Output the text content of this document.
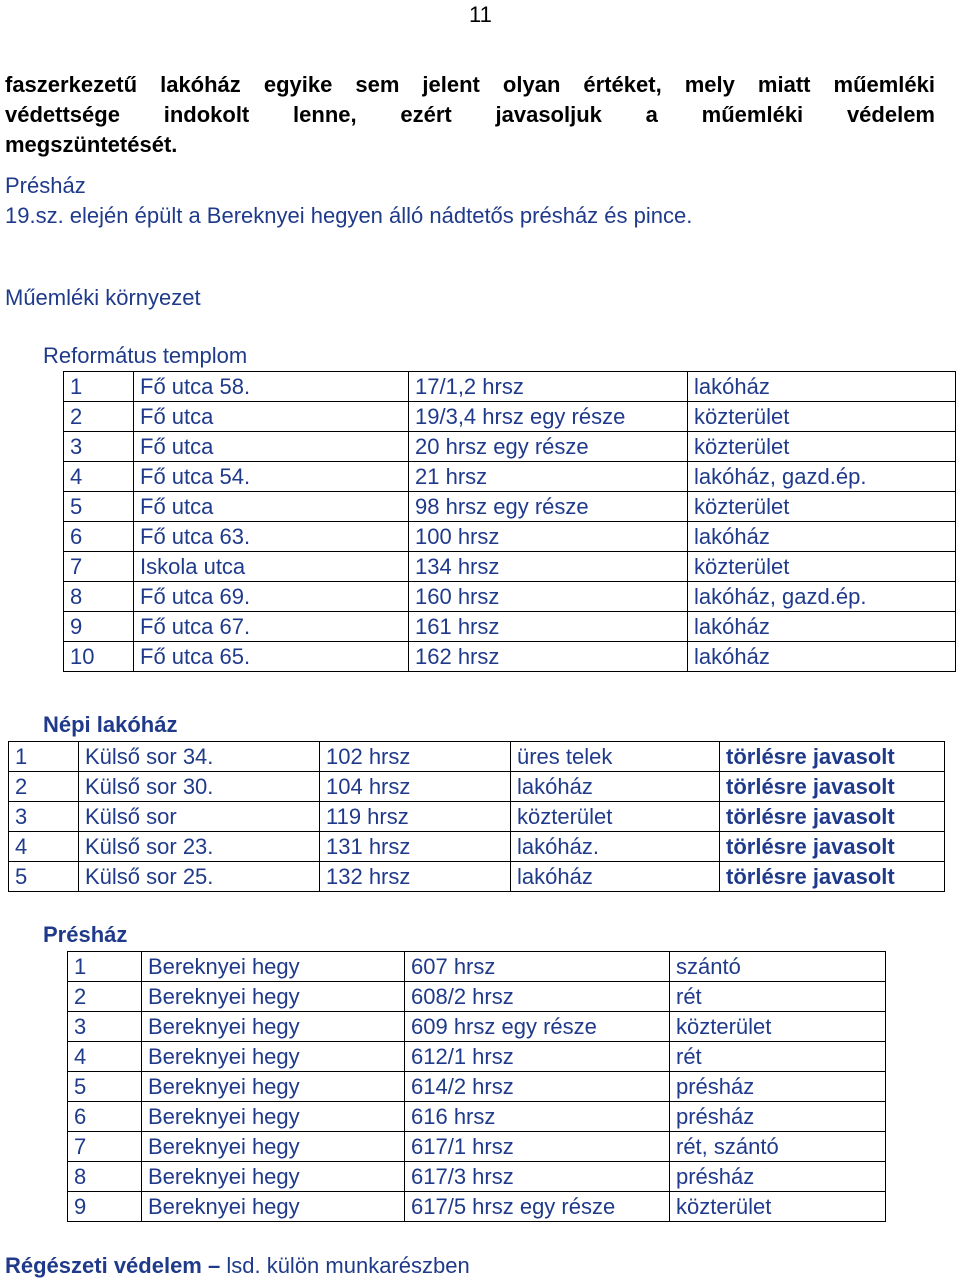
11
faszerkezetű lakóház egyike sem jelent olyan értéket, mely miatt műemléki
védettsége indokolt lenne, ezért javasoljuk a műemléki védelem
megszüntetését.
Présház
19.sz. elején épült a Bereknyei hegyen álló nádtetős présház és pince.
Műemléki környezet
Református templom
1	Fő utca 58.	17/1,2 hrsz	lakóház
2	Fő utca	19/3,4 hrsz egy része	közterület
3	Fő utca	20 hrsz egy része	közterület
4	Fő utca 54.	21 hrsz	lakóház, gazd.ép.
5	Fő utca	98 hrsz egy része	közterület
6	Fő utca 63.	100 hrsz	lakóház
7	Iskola utca	134 hrsz	közterület
8	Fő utca 69.	160 hrsz	lakóház, gazd.ép.
9	Fő utca 67.	161 hrsz	lakóház
10	Fő utca 65.	162 hrsz	lakóház
Népi lakóház
1	Külső sor 34.	102 hrsz	üres telek	törlésre javasolt
2	Külső sor 30.	104 hrsz	lakóház	törlésre javasolt
3	Külső sor	119 hrsz	közterület	törlésre javasolt
4	Külső sor 23.	131 hrsz	lakóház.	törlésre javasolt
5	Külső sor 25.	132 hrsz	lakóház	törlésre javasolt
Présház
1	Bereknyei hegy	607 hrsz	szántó
2	Bereknyei hegy	608/2 hrsz	rét
3	Bereknyei hegy	609 hrsz egy része	közterület
4	Bereknyei hegy	612/1 hrsz	rét
5	Bereknyei hegy	614/2 hrsz	présház
6	Bereknyei hegy	616 hrsz	présház
7	Bereknyei hegy	617/1 hrsz	rét, szántó
8	Bereknyei hegy	617/3 hrsz	présház
9	Bereknyei hegy	617/5 hrsz egy része	közterület
Régészeti védelem – lsd. külön munkarészben
